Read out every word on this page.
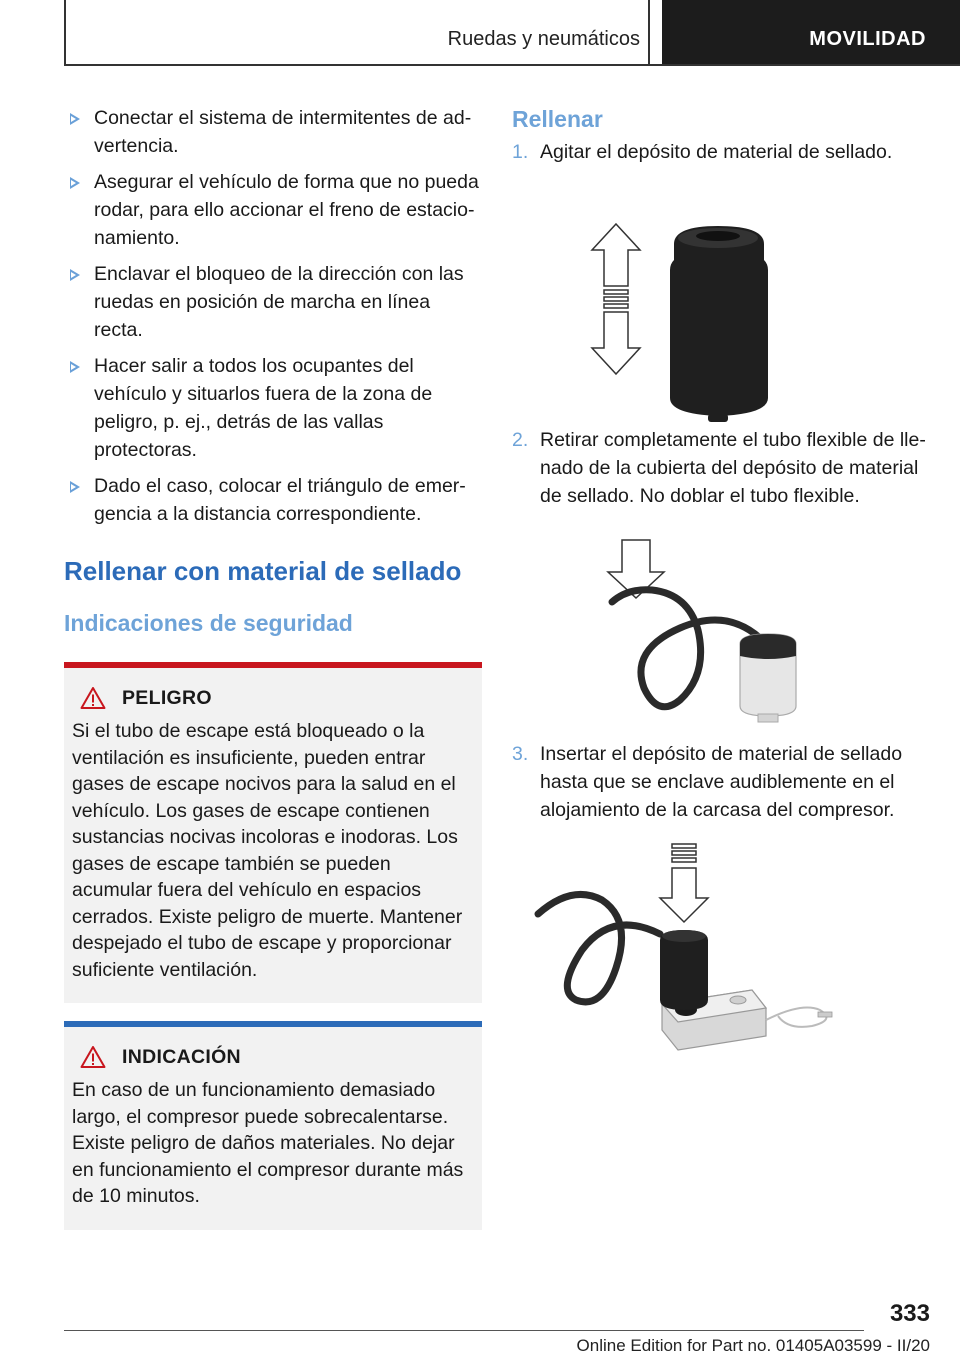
Ruedas y neumáticos	MOVILIDAD
Conectar el sistema de intermitentes de advertencia.
Asegurar el vehículo de forma que no pueda rodar, para ello accionar el freno de estacionamiento.
Enclavar el bloqueo de la dirección con las ruedas en posición de marcha en línea recta.
Hacer salir a todos los ocupantes del vehículo y situarlos fuera de la zona de peligro, p. ej., detrás de las vallas protectoras.
Dado el caso, colocar el triángulo de emergencia a la distancia correspondiente.
Rellenar con material de sellado
Indicaciones de seguridad
PELIGRO
Si el tubo de escape está bloqueado o la ventilación es insuficiente, pueden entrar gases de escape nocivos para la salud en el vehículo. Los gases de escape contienen sustancias nocivas incoloras e inodoras. Los gases de escape también se pueden acumular fuera del vehículo en espacios cerrados. Existe peligro de muerte. Mantener despejado el tubo de escape y proporcionar suficiente ventilación.
INDICACIÓN
En caso de un funcionamiento demasiado largo, el compresor puede sobrecalentarse. Existe peligro de daños materiales. No dejar en funcionamiento el compresor durante más de 10 minutos.
Rellenar
1. Agitar el depósito de material de sellado.
2. Retirar completamente el tubo flexible de llenado de la cubierta del depósito de material de sellado. No doblar el tubo flexible.
3. Insertar el depósito de material de sellado hasta que se enclave audiblemente en el alojamiento de la carcasa del compresor.
333
Online Edition for Part no. 01405A03599 - II/20
